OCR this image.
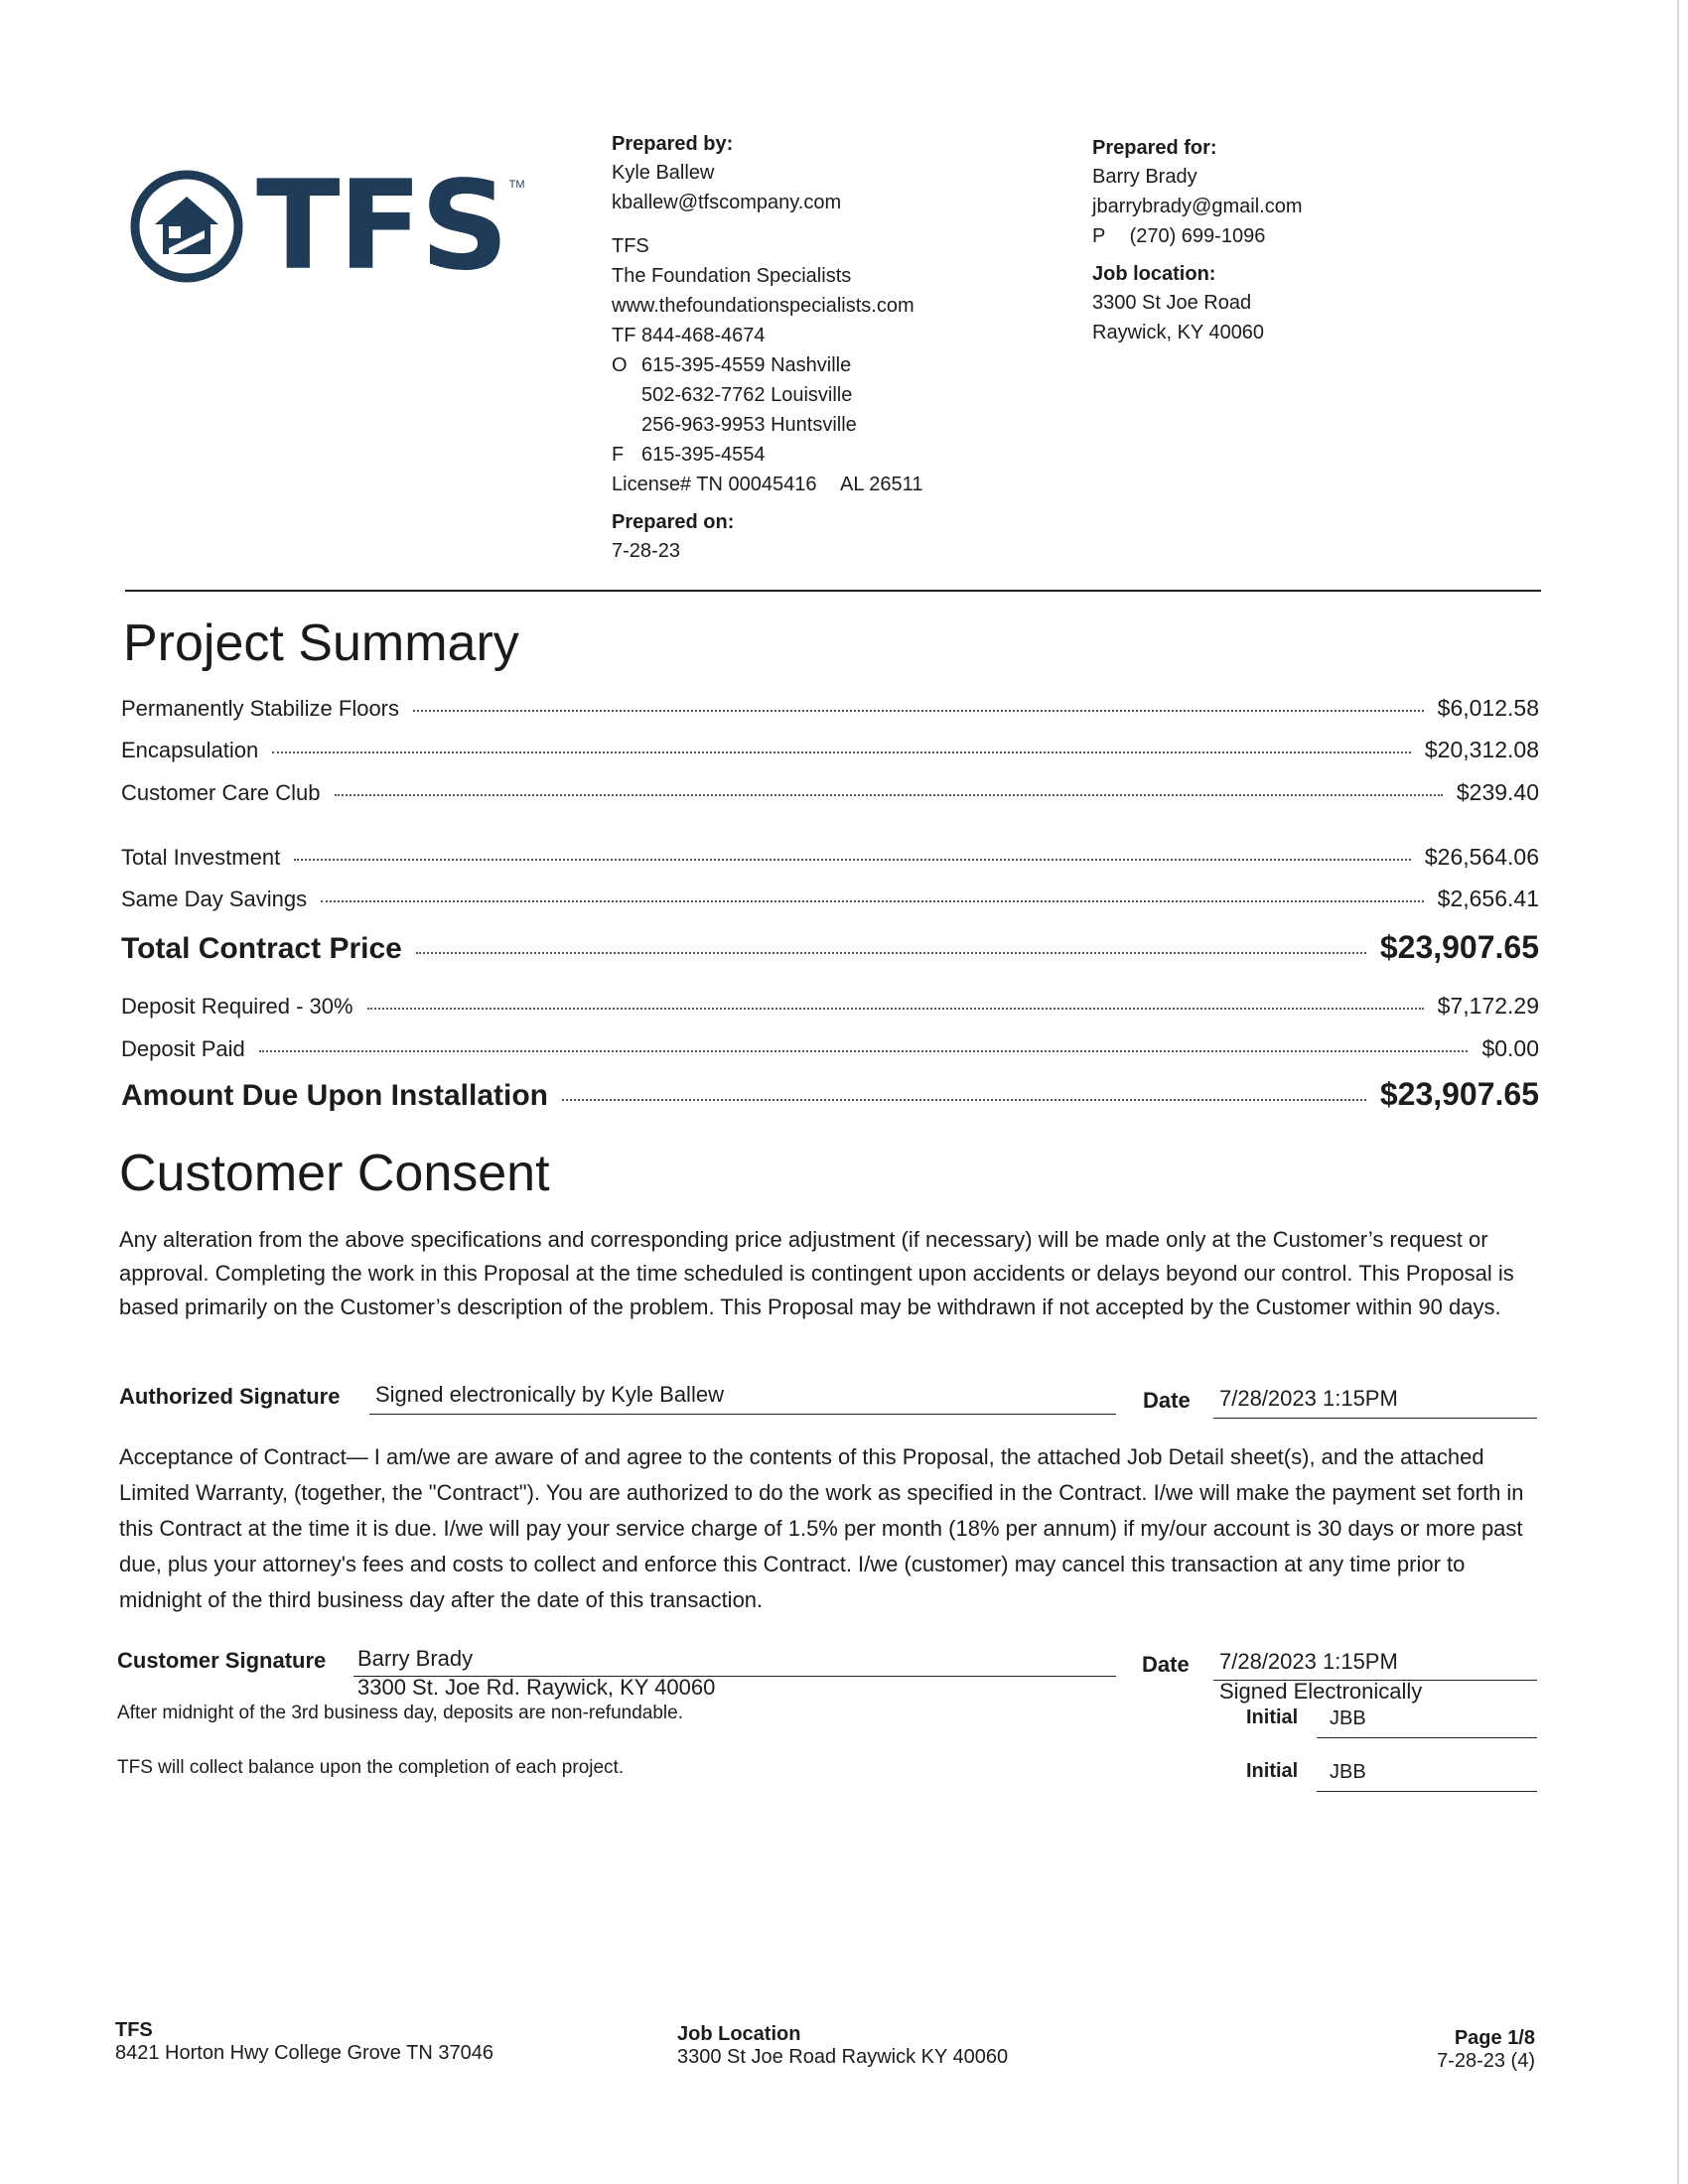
TFS TM
Prepared by:
Kyle Ballew
kballew@tfscompany.com
TFS
The Foundation Specialists
www.thefoundationspecialists.com
TF 844-468-4674
O 615-395-4559 Nashville
502-632-7762 Louisville
256-963-9953 Huntsville
F 615-395-4554
License# TN 00045416 AL 26511
Prepared on:
7-28-23
Prepared for:
Barry Brady
jbarrybrady@gmail.com
P (270) 699-1096
Job location:
3300 St Joe Road
Raywick, KY 40060
Project Summary
Permanently Stabilize Floors	$6,012.58
Encapsulation	$20,312.08
Customer Care Club	$239.40
Total Investment	$26,564.06
Same Day Savings	$2,656.41
Total Contract Price	$23,907.65
Deposit Required - 30%	$7,172.29
Deposit Paid	$0.00
Amount Due Upon Installation	$23,907.65
Customer Consent

Any alteration from the above specifications and corresponding price adjustment (if necessary) will be made only at the Customer’s request or approval. Completing the work in this Proposal at the time scheduled is contingent upon accidents or delays beyond our control. This Proposal is based primarily on the Customer’s description of the problem. This Proposal may be withdrawn if not accepted by the Customer within 90 days.

Authorized Signature Signed electronically by Kyle Ballew	Date 7/28/2023 1:15PM

Acceptance of Contract— I am/we are aware of and agree to the contents of this Proposal, the attached Job Detail sheet(s), and the attached Limited Warranty, (together, the "Contract"). You are authorized to do the work as specified in the Contract. I/we will make the payment set forth in this Contract at the time it is due. I/we will pay your service charge of 1.5% per month (18% per annum) if my/our account is 30 days or more past due, plus your attorney's fees and costs to collect and enforce this Contract. I/we (customer) may cancel this transaction at any time prior to midnight of the third business day after the date of this transaction.

Customer Signature Barry Brady
3300 St. Joe Rd. Raywick, KY 40060
After midnight of the 3rd business day, deposits are non-refundable.
Date 7/28/2023 1:15PM
Signed Electronically
Initial JBB
TFS will collect balance upon the completion of each project.	Initial JBB
TFS
8421 Horton Hwy College Grove TN 37046
Job Location
3300 St Joe Road Raywick KY 40060
Page 1/8
7-28-23 (4)
